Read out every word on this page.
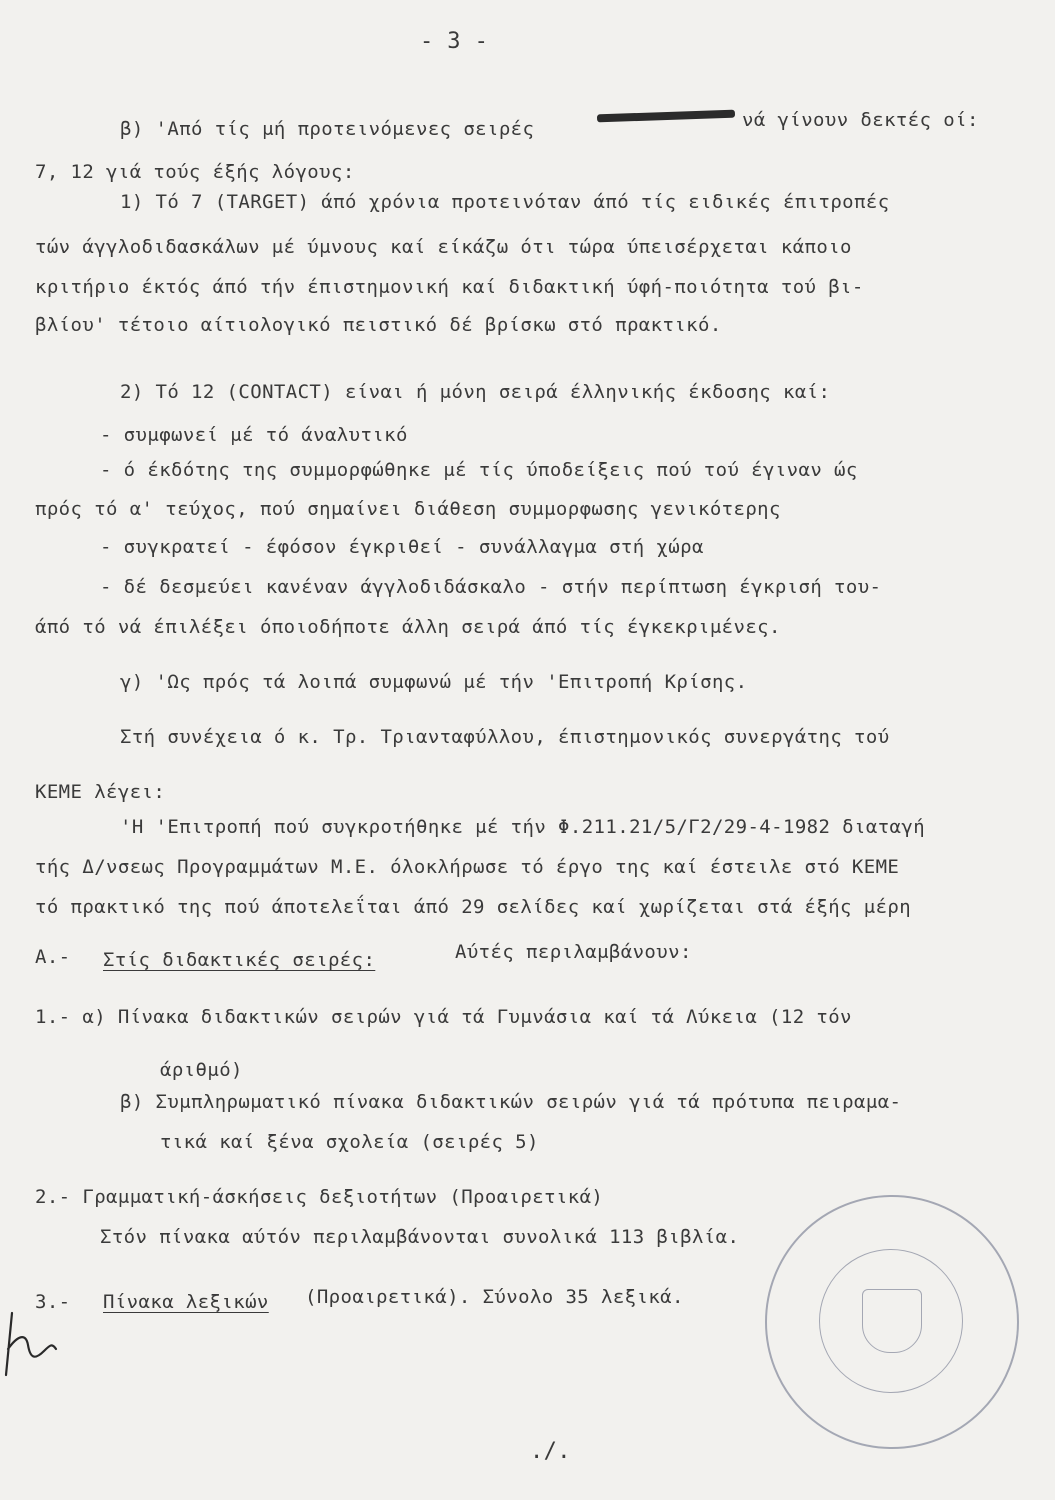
- 3 -
β) 'Από τίς μή προτεινόμενες σειρές	νά γίνουν δεκτές οί:
7, 12 γιά τούς έξής λόγους:
1) Τό 7 (TARGET) άπό χρόνια προτεινόταν άπό τίς ειδικές έπιτροπές
τών άγγλοδιδασκάλων μέ ύμνους καί είκάζω ότι τώρα ύπεισέρχεται κάποιο
κριτήριο έκτός άπό τήν έπιστημονική καί διδακτική ύφή-ποιότητα τού βι-
βλίου' τέτοιο αίτιολογικό πειστικό δέ βρίσκω στό πρακτικό.
2) Τό 12 (CONTACT) είναι ή μόνη σειρά έλληνικής έκδοσης καί:
- συμφωνεί μέ τό άναλυτικό
- ό έκδότης της συμμορφώθηκε μέ τίς ύποδείξεις πού τού έγιναν ώς
πρός τό α' τεύχος, πού σημαίνει διάθεση συμμορφωσης γενικότερης
- συγκρατεί - έφόσον έγκριθεί - συνάλλαγμα στή χώρα
- δέ δεσμεύει κανέναν άγγλοδιδάσκαλο - στήν περίπτωση έγκρισή του-
άπό τό νά έπιλέξει όποιοδήποτε άλλη σειρά άπό τίς έγκεκριμένες.
γ) 'Ως πρός τά λοιπά συμφωνώ μέ τήν 'Επιτροπή Κρίσης.
Στή συνέχεια ό κ. Τρ. Τριανταφύλλου, έπιστημονικός συνεργάτης τού
ΚΕΜΕ λέγει:
'Η 'Επιτροπή πού συγκροτήθηκε μέ τήν Φ.211.21/5/Γ2/29-4-1982 διαταγή
τής Δ/νσεως Προγραμμάτων Μ.Ε. όλοκλήρωσε τό έργο της καί έστειλε στό ΚΕΜΕ
τό πρακτικό της πού άποτελεΐται άπό 29 σελίδες καί χωρίζεται στά έξής μέρη
Α.- Στίς διδακτικές σειρές:	Αύτές περιλαμβάνουν:
1.- α) Πίνακα διδακτικών σειρών γιά τά Γυμνάσια καί τά Λύκεια (12 τόν
άριθμό)
β) Συμπληρωματικό πίνακα διδακτικών σειρών γιά τά πρότυπα πειραμα-
τικά καί ξένα σχολεία (σειρές 5)
2.- Γραμματική-άσκήσεις δεξιοτήτων (Προαιρετικά)
Στόν πίνακα αύτόν περιλαμβάνονται συνολικά 113 βιβλία.
3.- Πίνακα λεξικών (Προαιρετικά). Σύνολο 35 λεξικά.
./.
